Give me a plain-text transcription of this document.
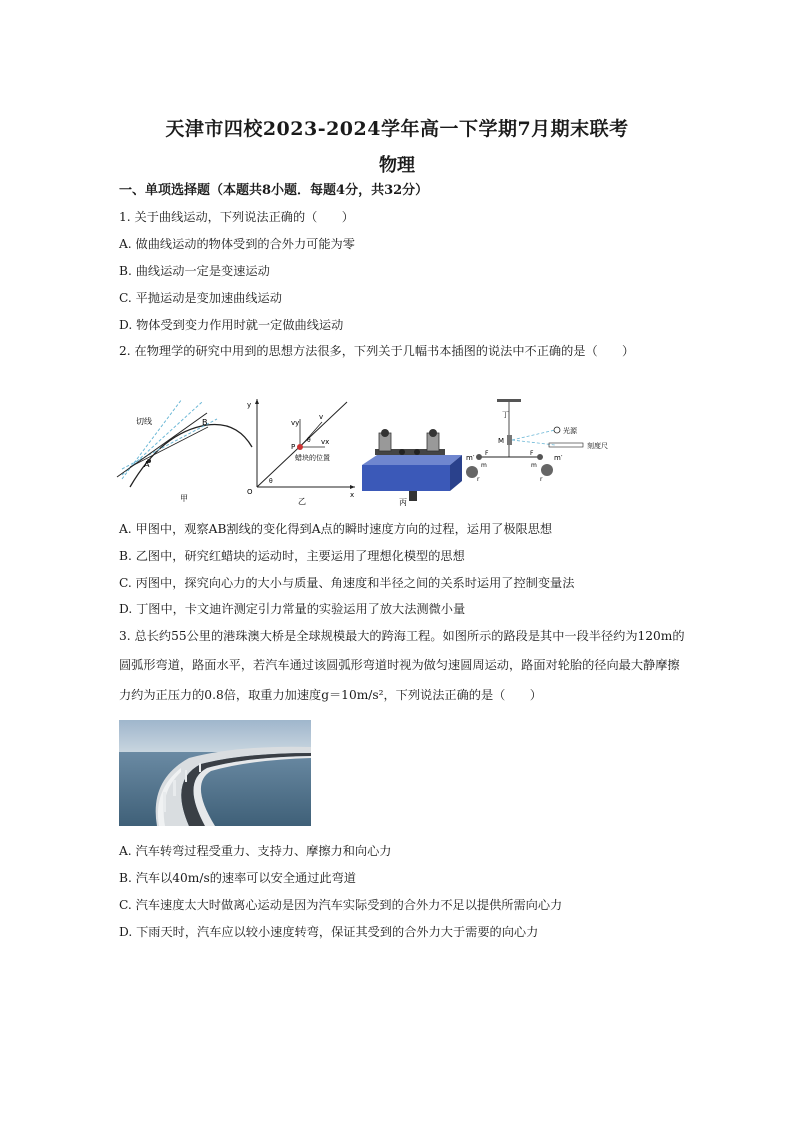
天津市四校2023-2024学年高一下学期7月期末联考
物理
一、单项选择题（本题共8小题．每题4分，共32分）
1. 关于曲线运动，下列说法正确的（　　）
A. 做曲线运动的物体受到的合外力可能为零
B. 曲线运动一定是变速运动
C. 平抛运动是变加速曲线运动
D. 物体受到变力作用时就一定做曲线运动
2. 在物理学的研究中用到的思想方法很多，下列关于几幅书本插图的说法中不正确的是（　　）
A
B
切线
甲
P
vy
v
vx
θ
θ
蜡块的位置
O	x
y
乙	丙
丁
M
光源
刻度尺
m′	m′
m	m
F	F
r	r
A. 甲图中，观察AB割线的变化得到A点的瞬时速度方向的过程，运用了极限思想
B. 乙图中，研究红蜡块的运动时，主要运用了理想化模型的思想
C. 丙图中，探究向心力的大小与质量、角速度和半径之间的关系时运用了控制变量法
D. 丁图中，卡文迪许测定引力常量的实验运用了放大法测微小量
3. 总长约55公里的港珠澳大桥是全球规模最大的跨海工程。如图所示的路段是其中一段半径约为120m的
圆弧形弯道，路面水平，若汽车通过该圆弧形弯道时视为做匀速圆周运动，路面对轮胎的径向最大静摩擦
力约为正压力的0.8倍，取重力加速度g＝10m/s²，下列说法正确的是（　　）
A. 汽车转弯过程受重力、支持力、摩擦力和向心力
B. 汽车以40m/s的速率可以安全通过此弯道
C. 汽车速度太大时做离心运动是因为汽车实际受到的合外力不足以提供所需向心力
D. 下雨天时，汽车应以较小速度转弯，保证其受到的合外力大于需要的向心力
